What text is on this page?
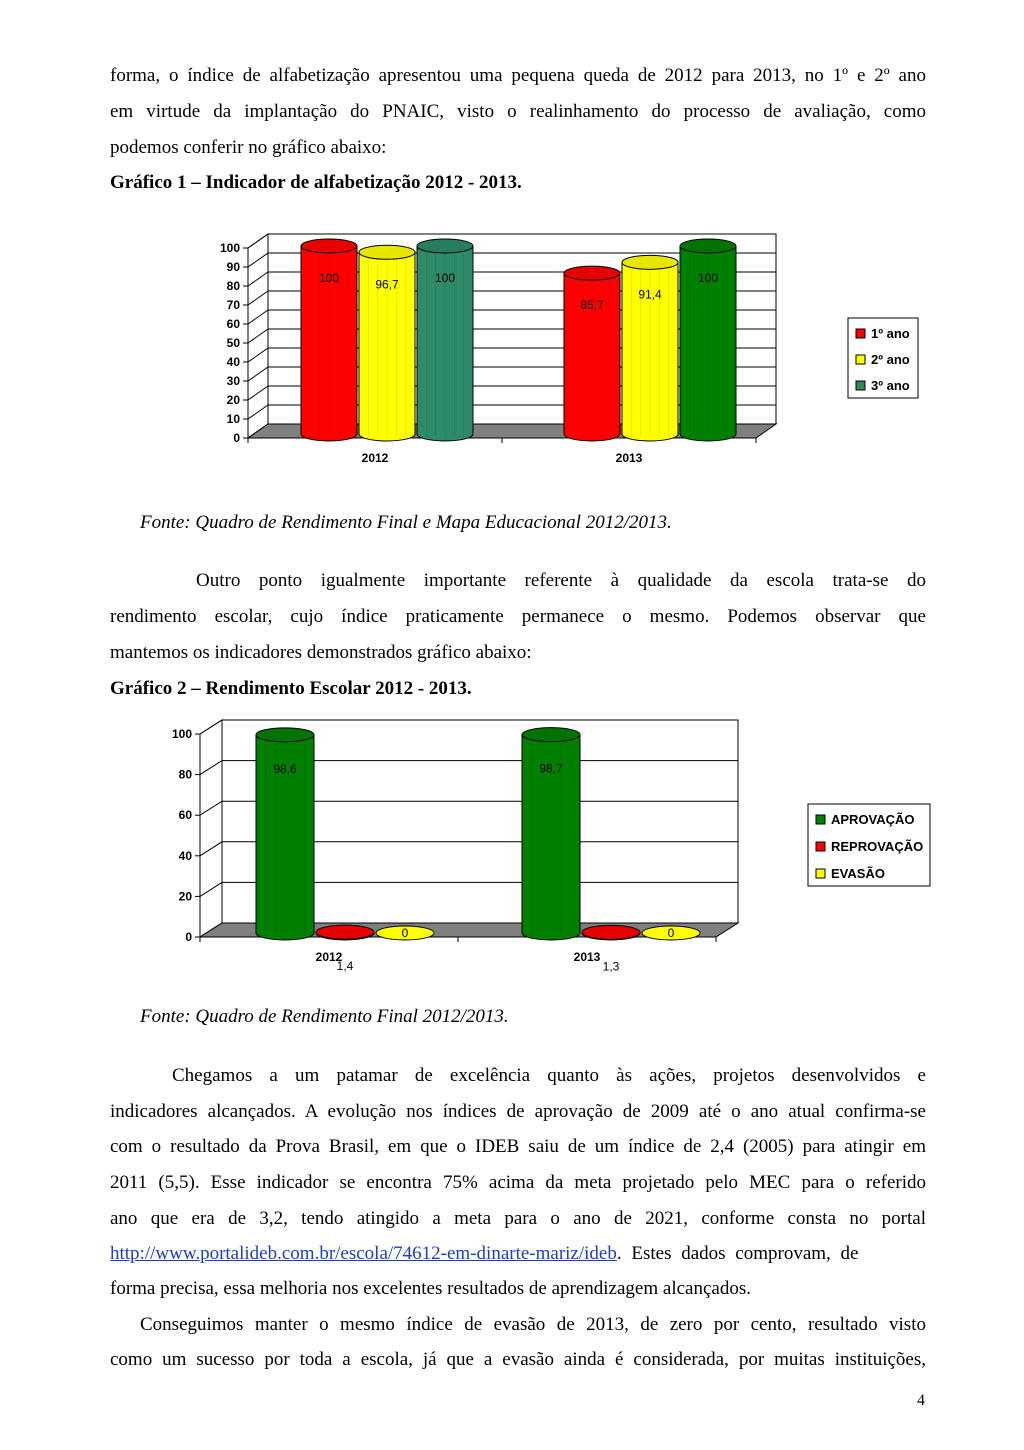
forma, o índice de alfabetização apresentou uma pequena queda de 2012 para 2013, no 1º e 2º ano
em virtude da implantação do PNAIC, visto o realinhamento do processo de avaliação, como
podemos conferir no gráfico abaixo:
Gráfico 1 – Indicador de alfabetização 2012 - 2013.
0
10
20
30
40
50
60
70
80
90
100
2012	2013
100	96,7	100
85,7
91,4
100
1º ano
2º ano
3º ano
Fonte: Quadro de Rendimento Final e Mapa Educacional 2012/2013.
Outro ponto igualmente importante referente à qualidade da escola trata-se do
rendimento escolar, cujo índice praticamente permanece o mesmo. Podemos observar que
mantemos os indicadores demonstrados gráfico abaixo:
Gráfico 2 – Rendimento Escolar 2012 - 2013.
0
20
40
60
80
100
2012	2013
98,6
1,4
0
98,7
1,3
0
APROVAÇÃO
REPROVAÇÃO
EVASÃO
Fonte: Quadro de Rendimento Final 2012/2013.
Chegamos a um patamar de excelência quanto às ações, projetos desenvolvidos e
indicadores alcançados. A evolução nos índices de aprovação de 2009 até o ano atual confirma-se
com o resultado da Prova Brasil, em que o IDEB saiu de um índice de 2,4 (2005) para atingir em
2011 (5,5). Esse indicador se encontra 75% acima da meta projetado pelo MEC para o referido
ano que era de 3,2, tendo atingido a meta para o ano de 2021, conforme consta no portal
http://www.portalideb.com.br/escola/74612-em-dinarte-mariz/ideb. Estes dados comprovam, de
forma precisa, essa melhoria nos excelentes resultados de aprendizagem alcançados.
Conseguimos manter o mesmo índice de evasão de 2013, de zero por cento, resultado visto
como um sucesso por toda a escola, já que a evasão ainda é considerada, por muitas instituições,
4
